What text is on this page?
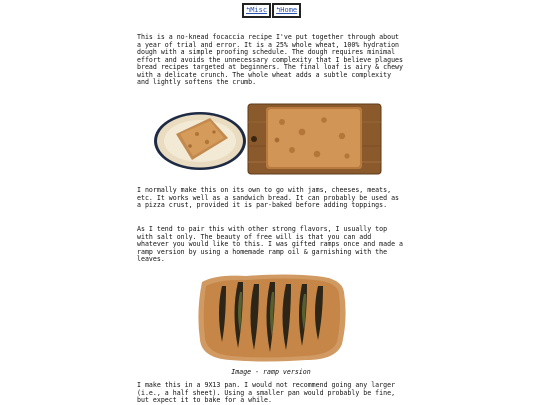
↰Misc	↰Home
This is a no-knead focaccia recipe I've put together through about a year of trial and error. It is a 25% whole wheat, 100% hydration dough with a simple proofing schedule. The dough requires minimal effort and avoids the unnecessary complexity that I believe plagues bread recipes targeted at beginners. The final loaf is airy & chewy with a delicate crunch. The whole wheat adds a subtle complexity and lightly softens the crumb.
I normally make this on its own to go with jams, cheeses, meats, etc. It works well as a sandwich bread. It can probably be used as a pizza crust, provided it is par-baked before adding toppings.
As I tend to pair this with other strong flavors, I usually top with salt only. The beauty of free will is that you can add whatever you would like to this. I was gifted ramps once and made a ramp version by using a homemade ramp oil & garnishing with the leaves.
Image - ramp version
I make this in a 9X13 pan. I would not recommend going any larger (i.e., a half sheet). Using a smaller pan would probably be fine, but expect it to bake for a while.
